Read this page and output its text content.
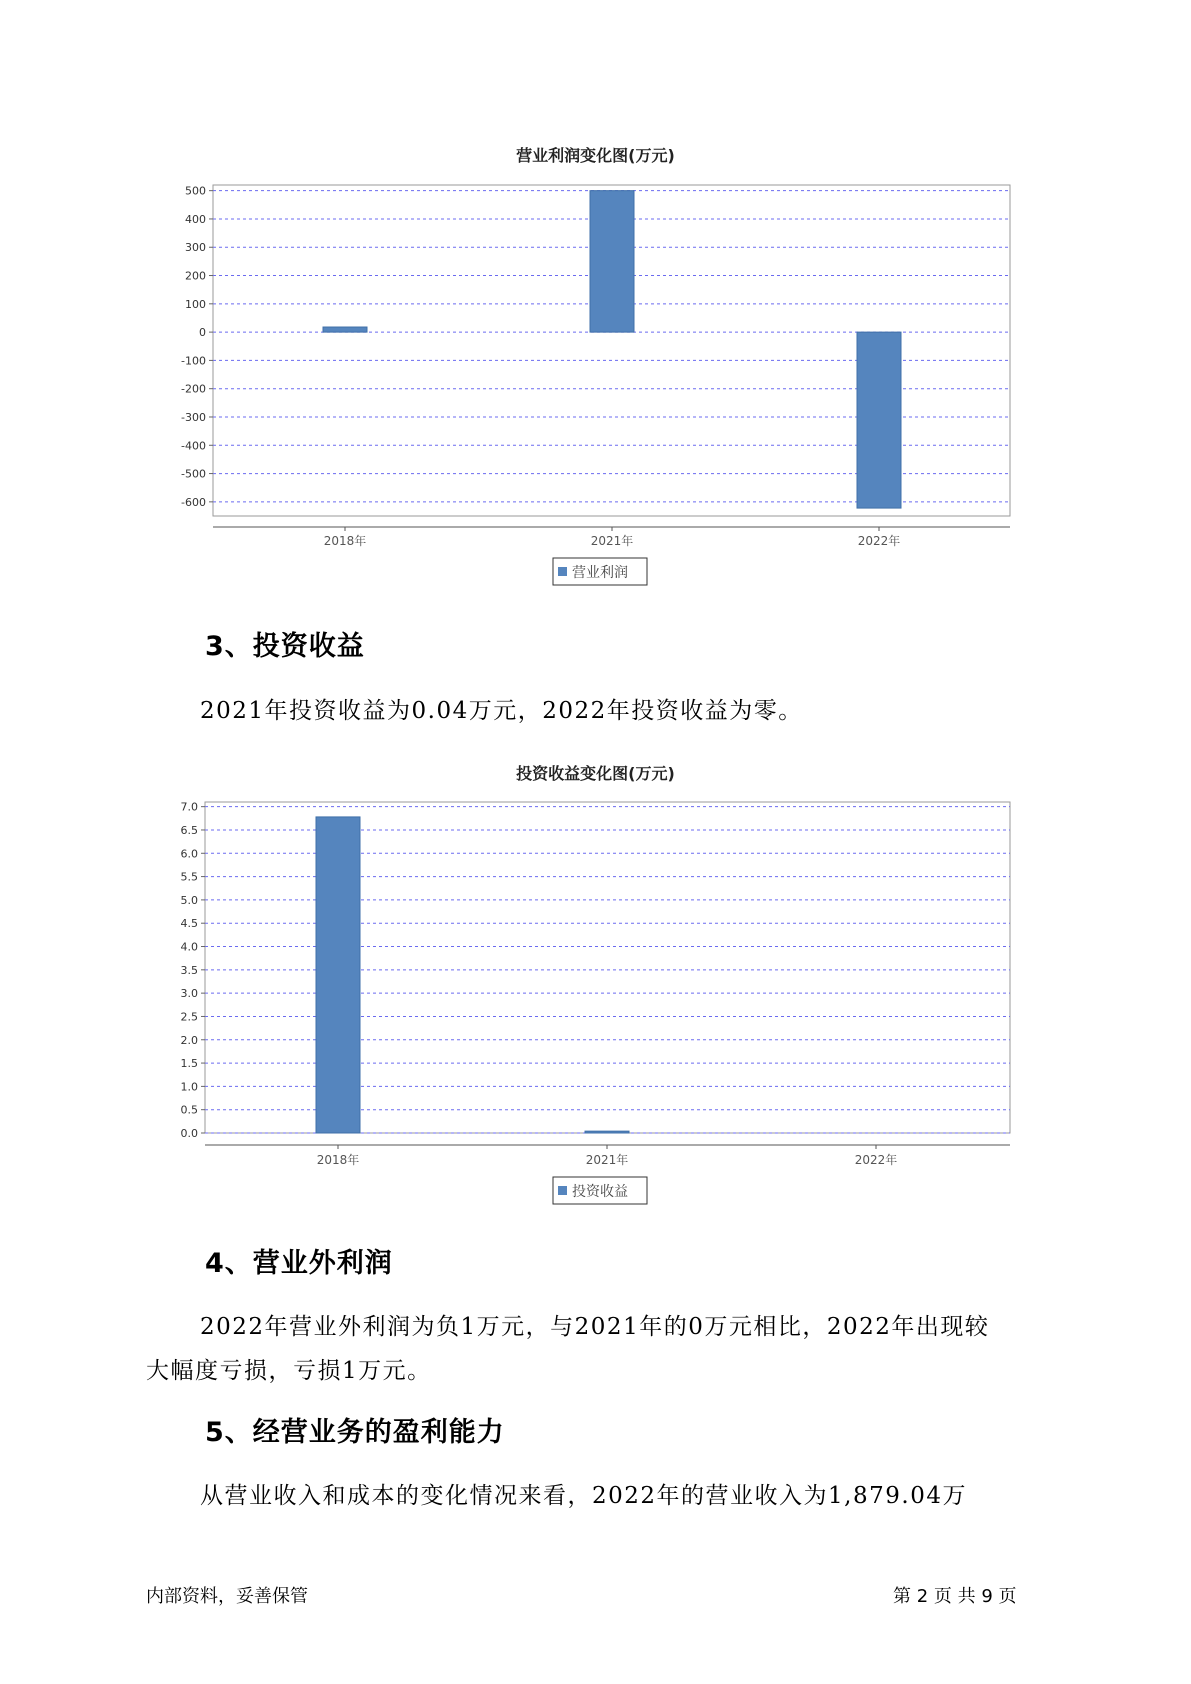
营业利润变化图(万元)
500
400
300
200
100
0
-100
-200
-300
-400
-500
-600
2018年	2021年	2022年
营业利润
3、投资收益
2021年投资收益为0.04万元，2022年投资收益为零。
投资收益变化图(万元)
7.0
6.5
6.0
5.5
5.0
4.5
4.0
3.5
3.0
2.5
2.0
1.5
1.0
0.5
0.0
2018年	2021年	2022年
投资收益
4、营业外利润
2022年营业外利润为负1万元，与2021年的0万元相比，2022年出现较
大幅度亏损，亏损1万元。
5、经营业务的盈利能力
从营业收入和成本的变化情况来看，2022年的营业收入为1,879.04万
内部资料，妥善保管	第 2 页 共 9 页
